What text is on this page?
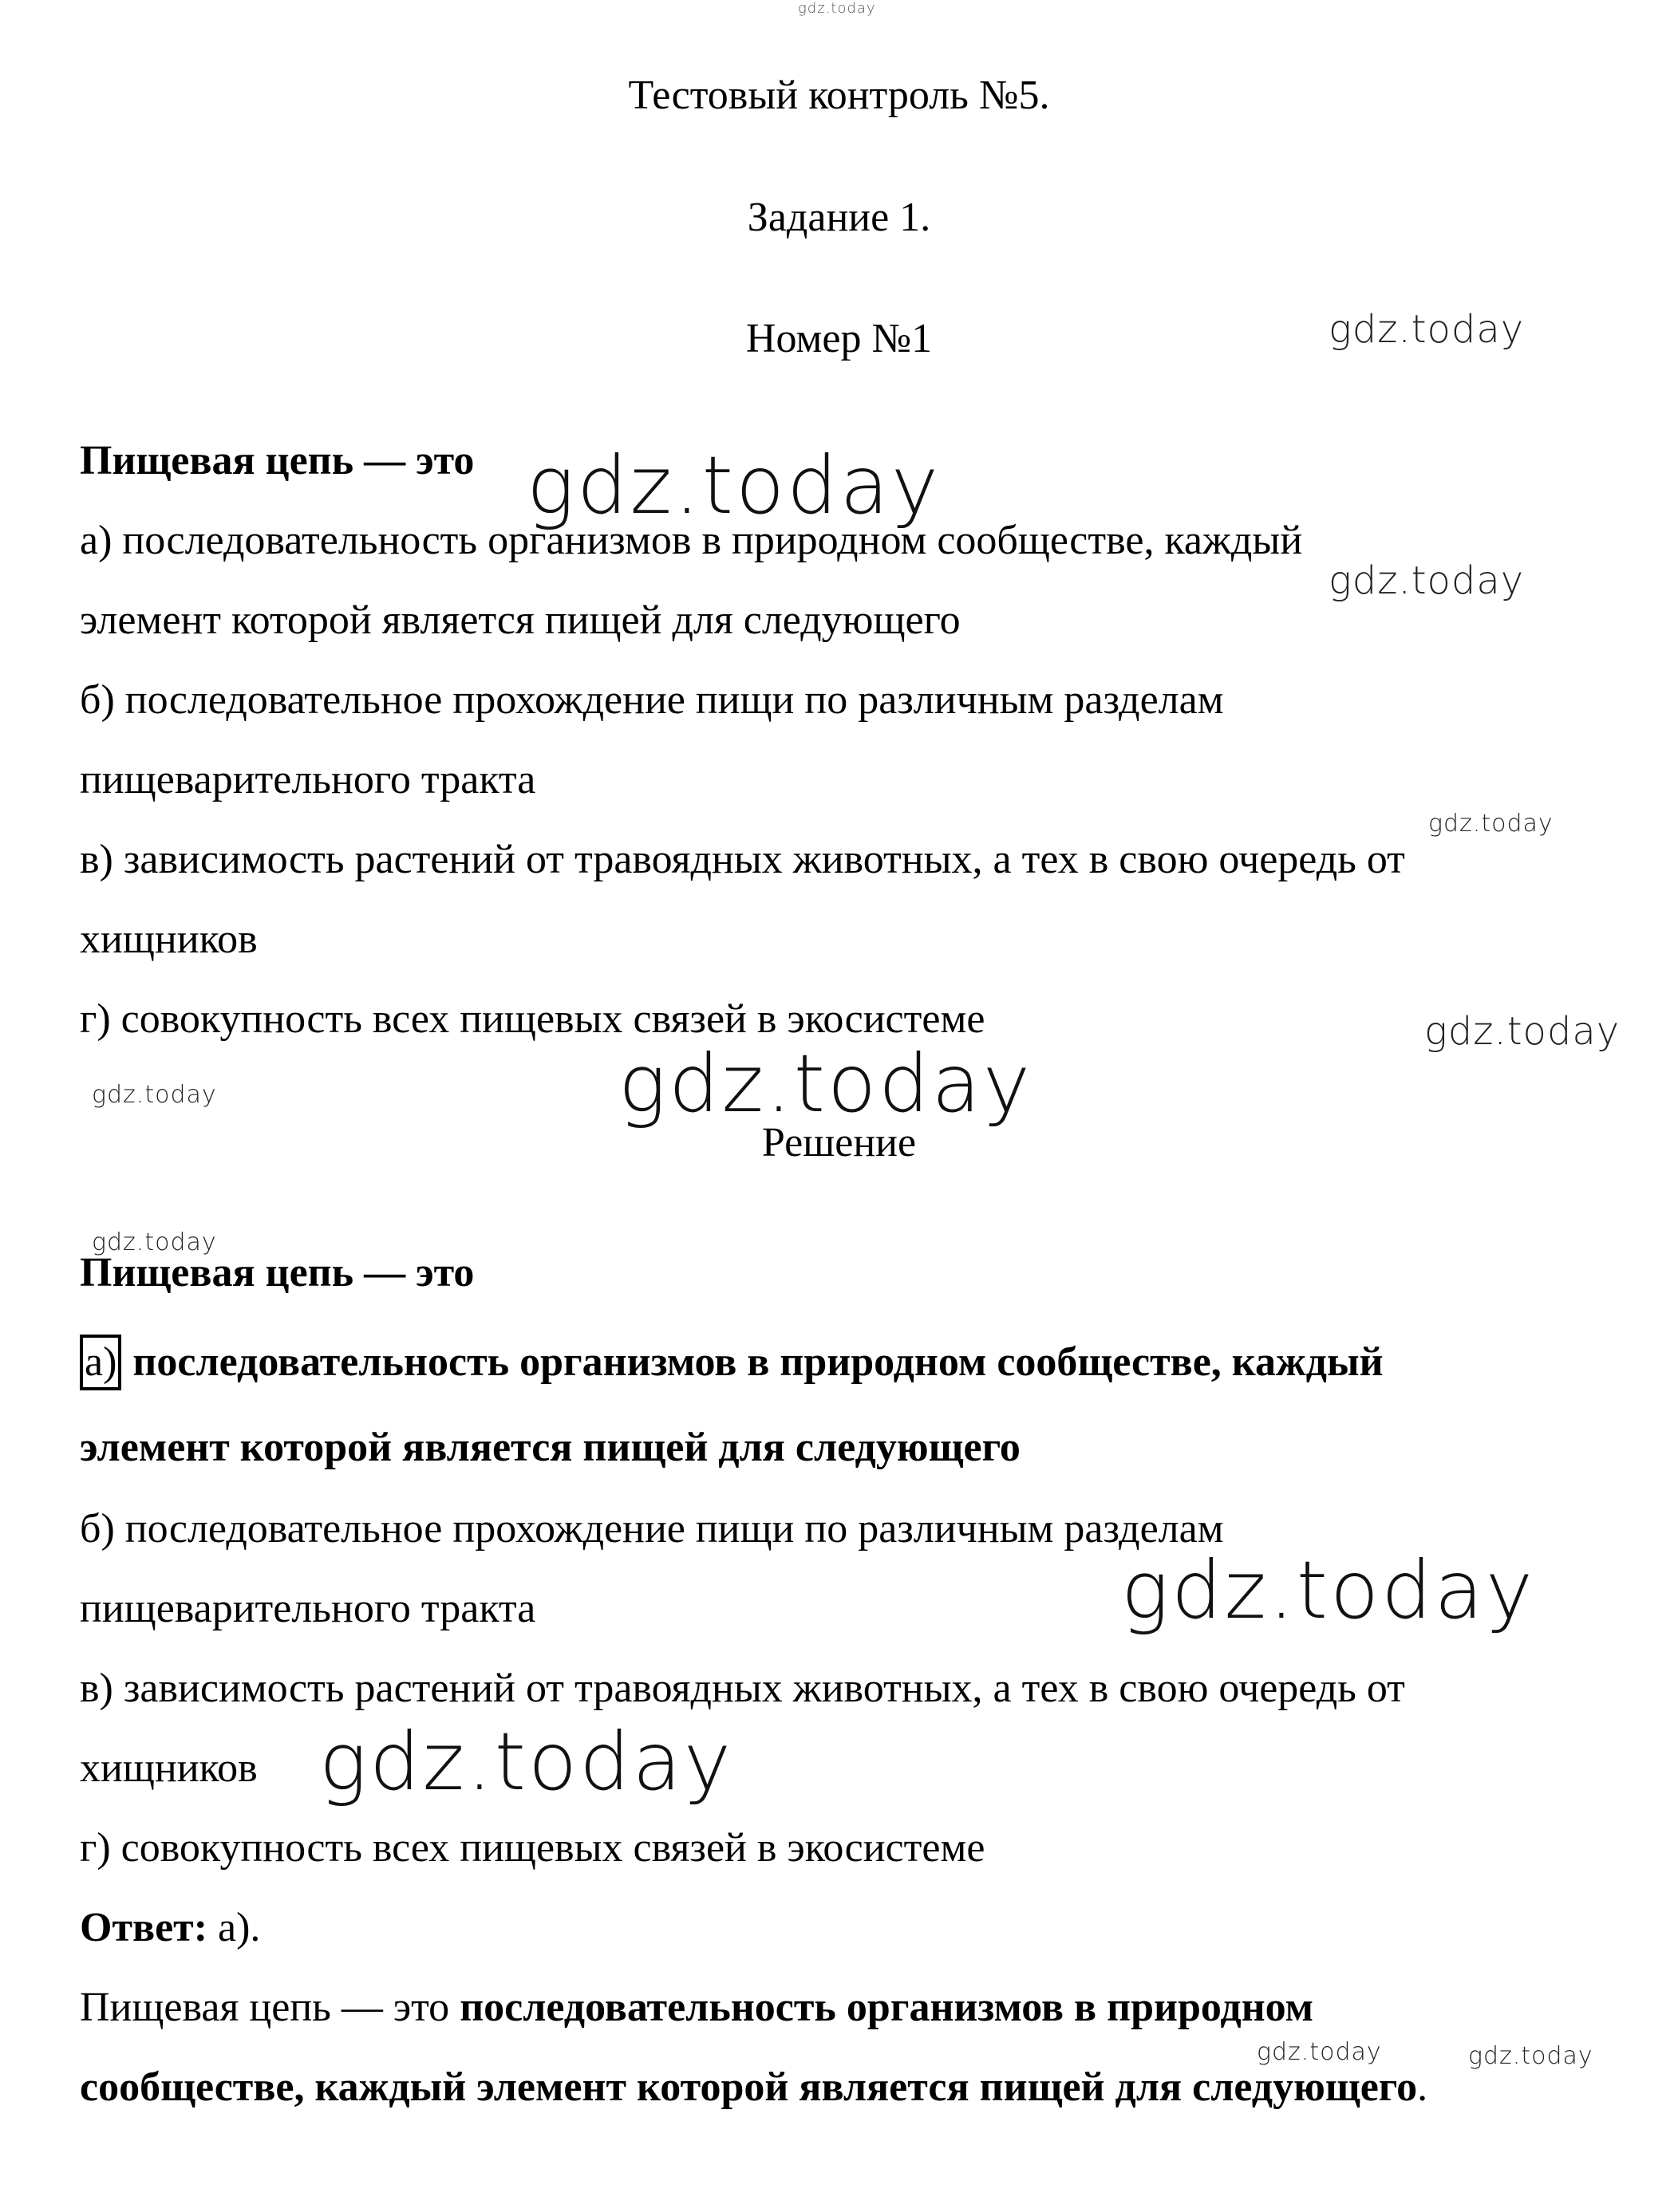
Тестовый контроль №5.
Задание 1.
Номер №1
Пищевая цепь — это
а) последовательность организмов в природном сообществе, каждый
элемент которой является пищей для следующего
б) последовательное прохождение пищи по различным разделам
пищеварительного тракта
в) зависимость растений от травоядных животных, а тех в свою очередь от
хищников
г) совокупность всех пищевых связей в экосистеме
Решение
Пищевая цепь — это
а) последовательность организмов в природном сообществе, каждый
элемент которой является пищей для следующего
б) последовательное прохождение пищи по различным разделам
пищеварительного тракта
в) зависимость растений от травоядных животных, а тех в свою очередь от
хищников
г) совокупность всех пищевых связей в экосистеме
Ответ: а).
Пищевая цепь — это последовательность организмов в природном
сообществе, каждый элемент которой является пищей для следующего.
gdz.today
gdz.today
gdz.today
gdz.today
gdz.today
gdz.today
gdz.today	gdz.today
gdz.today
gdz.today
gdz.today
gdz.today	gdz.today
